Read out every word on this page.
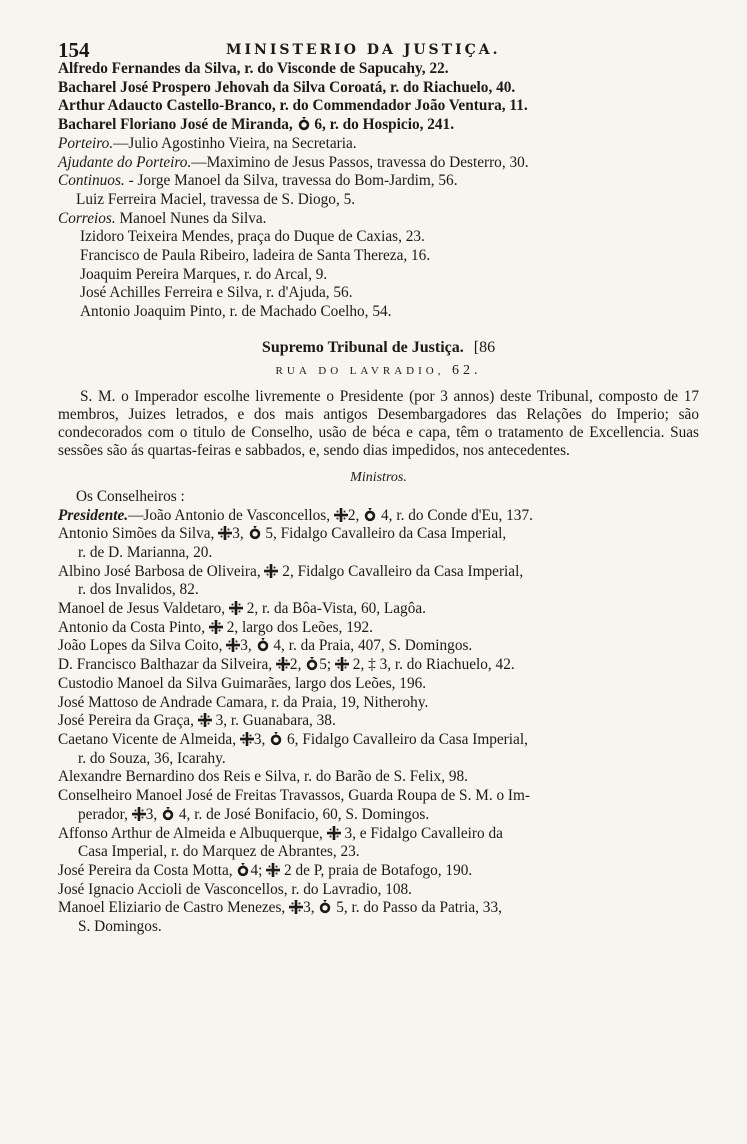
154	MINISTERIO DA JUSTIÇA.
Alfredo Fernandes da Silva, r. do Visconde de Sapucahy, 22.
Bacharel José Prospero Jehovah da Silva Coroatá, r. do Riachuelo, 40.
Arthur Adaucto Castello-Branco, r. do Commendador João Ventura, 11.
Bacharel Floriano José de Miranda, 6, r. do Hospicio, 241.
Porteiro.—Julio Agostinho Vieira, na Secretaria.
Ajudante do Porteiro.—Maximino de Jesus Passos, travessa do Desterro, 30.
Continuos. - Jorge Manoel da Silva, travessa do Bom-Jardim, 56.
Luiz Ferreira Maciel, travessa de S. Diogo, 5.
Correios. Manoel Nunes da Silva.
Izidoro Teixeira Mendes, praça do Duque de Caxias, 23.
Francisco de Paula Ribeiro, ladeira de Santa Thereza, 16.
Joaquim Pereira Marques, r. do Arcal, 9.
José Achilles Ferreira e Silva, r. d'Ajuda, 56.
Antonio Joaquim Pinto, r. de Machado Coelho, 54.
Supremo Tribunal de Justiça. [86
RUA DO LAVRADIO, 62.
S. M. o Imperador escolhe livremente o Presidente (por 3 annos) deste Tribunal, composto de 17 membros, Juizes letrados, e dos mais antigos Desembargadores das Relações do Imperio; são condecorados com o titulo de Conselho, usão de béca e capa, têm o tratamento de Excellencia. Suas sessões são ás quartas-feiras e sabbados, e, sendo dias impedidos, nos antecedentes.
Ministros.
Os Conselheiros :
Presidente.—João Antonio de Vasconcellos, 2, 4, r. do Conde d'Eu, 137.
Antonio Simões da Silva, 3, 5, Fidalgo Cavalleiro da Casa Imperial,
r. de D. Marianna, 20.
Albino José Barbosa de Oliveira, 2, Fidalgo Cavalleiro da Casa Imperial,
r. dos Invalidos, 82.
Manoel de Jesus Valdetaro, 2, r. da Bôa-Vista, 60, Lagôa.
Antonio da Costa Pinto, 2, largo dos Leões, 192.
João Lopes da Silva Coito, 3, 4, r. da Praia, 407, S. Domingos.
D. Francisco Balthazar da Silveira, 2, 5; 2, ‡ 3, r. do Riachuelo, 42.
Custodio Manoel da Silva Guimarães, largo dos Leões, 196.
José Mattoso de Andrade Camara, r. da Praia, 19, Nitherohy.
José Pereira da Graça, 3, r. Guanabara, 38.
Caetano Vicente de Almeida, 3, 6, Fidalgo Cavalleiro da Casa Imperial,
r. do Souza, 36, Icarahy.
Alexandre Bernardino dos Reis e Silva, r. do Barão de S. Felix, 98.
Conselheiro Manoel José de Freitas Travassos, Guarda Roupa de S. M. o Im-
perador, 3, 4, r. de José Bonifacio, 60, S. Domingos.
Affonso Arthur de Almeida e Albuquerque, 3, e Fidalgo Cavalleiro da
Casa Imperial, r. do Marquez de Abrantes, 23.
José Pereira da Costa Motta, 4; 2 de P, praia de Botafogo, 190.
José Ignacio Accioli de Vasconcellos, r. do Lavradio, 108.
Manoel Eliziario de Castro Menezes, 3, 5, r. do Passo da Patria, 33,
S. Domingos.
